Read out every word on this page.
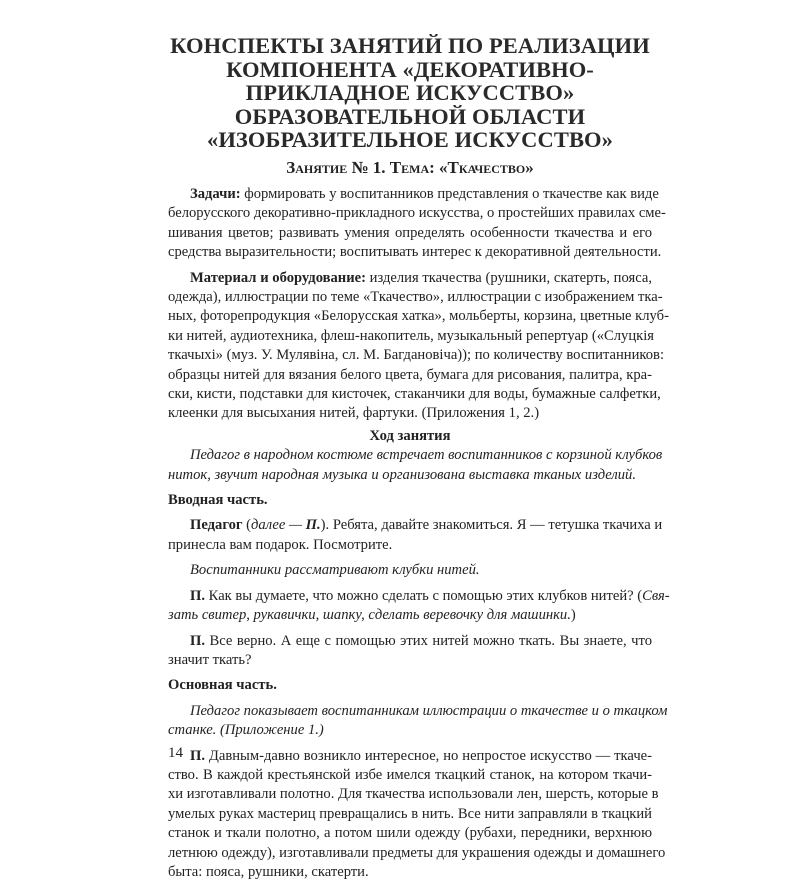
КОНСПЕКТЫ ЗАНЯТИЙ ПО РЕАЛИЗАЦИИ
КОМПОНЕНТА «ДЕКОРАТИВНО-
ПРИКЛАДНОЕ ИСКУССТВО»
ОБРАЗОВАТЕЛЬНОЙ ОБЛАСТИ
«ИЗОБРАЗИТЕЛЬНОЕ ИСКУССТВО»
Занятие № 1. Тема: «Ткачество»
Задачи: формировать у воспитанников представления о ткачестве как виде
белорусского декоративно-прикладного искусства, о простейших правилах сме-
шивания цветов; развивать умения определять особенности ткачества и его
средства выразительности; воспитывать интерес к декоративной деятельности.
Материал и оборудование: изделия ткачества (рушники, скатерть, пояса,
одежда), иллюстрации по теме «Ткачество», иллюстрации с изображением тка-
ных, фоторепродукция «Белорусская хатка», мольберты, корзина, цветные клуб-
ки нитей, аудиотехника, флеш-накопитель, музыкальный репертуар («Слуцкія
ткачыхі» (муз. У. Мулявіна, сл. М. Багдановіча)); по количеству воспитанников:
образцы нитей для вязания белого цвета, бумага для рисования, палитра, кра-
ски, кисти, подставки для кисточек, стаканчики для воды, бумажные салфетки,
клеенки для высыхания нитей, фартуки. (Приложения 1, 2.)
Ход занятия
Педагог в народном костюме встречает воспитанников с корзиной клубков
ниток, звучит народная музыка и организована выставка тканых изделий.
Вводная часть.
Педагог (далее — П.). Ребята, давайте знакомиться. Я — тетушка ткачиха и
принесла вам подарок. Посмотрите.
Воспитанники рассматривают клубки нитей.
П. Как вы думаете, что можно сделать с помощью этих клубков нитей? (Свя-
зать свитер, рукавички, шапку, сделать веревочку для машинки.)
П. Все верно. А еще с помощью этих нитей можно ткать. Вы знаете, что
значит ткать?
Основная часть.
Педагог показывает воспитанникам иллюстрации о ткачестве и о ткацком
станке. (Приложение 1.)
П. Давным-давно возникло интересное, но непростое искусство — ткаче-
ство. В каждой крестьянской избе имелся ткацкий станок, на котором ткачи-
хи изготавливали полотно. Для ткачества использовали лен, шерсть, которые в
умелых руках мастериц превращались в нить. Все нити заправляли в ткацкий
станок и ткали полотно, а потом шили одежду (рубахи, передники, верхнюю
летнюю одежду), изготавливали предметы для украшения одежды и домашнего
быта: пояса, рушники, скатерти.
14
